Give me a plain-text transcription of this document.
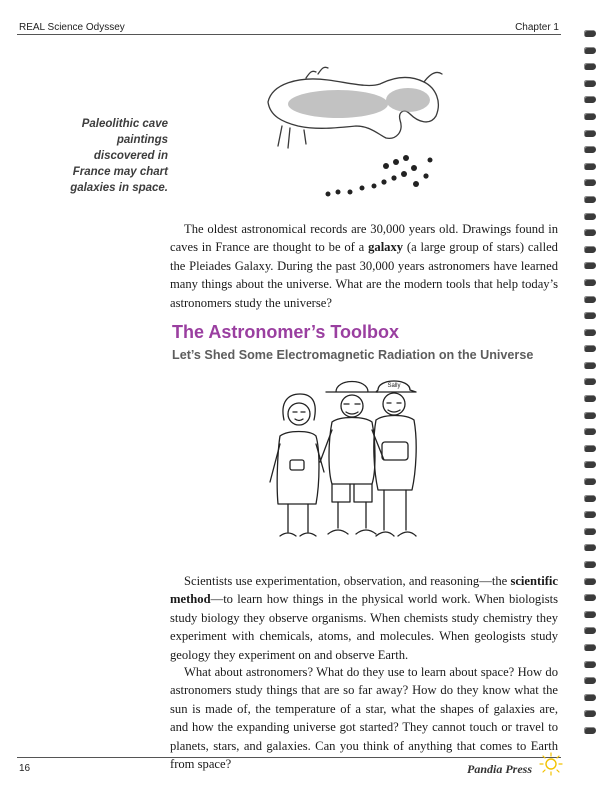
REAL Science Odyssey	Chapter 1
Paleolithic cave paintings discovered in France may chart galaxies in space.

The oldest astronomical records are 30,000 years old. Drawings found in caves in France are thought to be of a galaxy (a large group of stars) called the Pleiades Galaxy. During the past 30,000 years astronomers have learned many things about the universe. What are the modern tools that help today’s astronomers study the universe?

The Astronomer’s Toolbox
Let’s Shed Some Electromagnetic Radiation on the Universe
Sally

Scientists use experimentation, observation, and reasoning—the scientific method—to learn how things in the physical world work. When biologists study biology they observe organisms. When chemists study chemistry they experiment with chemicals, atoms, and molecules. When geologists study geology they experiment on and observe Earth.

What about astronomers? What do they use to learn about space? How do astronomers study things that are so far away? How do they know what the sun is made of, the temperature of a star, what the shapes of galaxies are, and how the expanding universe got started? They cannot touch or travel to planets, stars, and galaxies. Can you think of anything that comes to Earth from space?

16	Pandia Press
